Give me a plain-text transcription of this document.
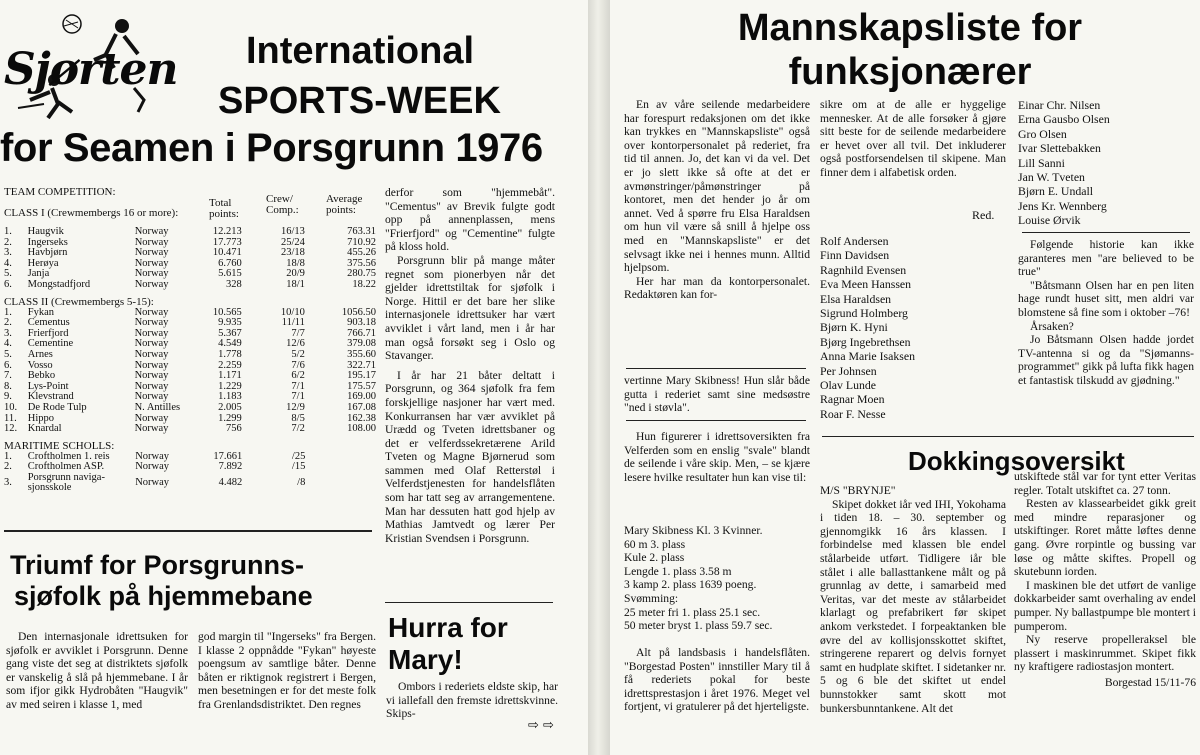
Sjørten International
SPORTS-WEEK
for Seamen i Porsgrunn 1976
TEAM COMPETITION:
Total
points:
Crew/
Comp.:
Average
points:
CLASS I (Crewmembergs 16 or more):
1.	Haugvik	Norway	12.213	16/13	763.31
2.	Ingerseks	Norway	17.773	25/24	710.92
3.	Havbjørn	Norway	10.471	23/18	455.26
4.	Herøya	Norway	6.760	18/8	375.56
5.	Janja	Norway	5.615	20/9	280.75
6.	Mongstadfjord	Norway	328	18/1	18.22
CLASS II (Crewmembergs 5-15):
1.	Fykan	Norway	10.565	10/10	1056.50
2.	Cementus	Norway	9.935	11/11	903.18
3.	Frierfjord	Norway	5.367	7/7	766.71
4.	Cementine	Norway	4.549	12/6	379.08
5.	Arnes	Norway	1.778	5/2	355.60
6.	Vosso	Norway	2.259	7/6	322.71
7.	Bebko	Norway	1.171	6/2	195.17
8.	Lys-Point	Norway	1.229	7/1	175.57
9.	Klevstrand	Norway	1.183	7/1	169.00
10.	De Rode Tulp	N. Antilles	2.005	12/9	167.08
11.	Hippo	Norway	1.299	8/5	162.38
12.	Knardal	Norway	756	7/2	108.00
MARITIME SCHOLLS:
1.	Croftholmen 1. reis	Norway	17.661	/25	
2.	Croftholmen ASP.	Norway	7.892	/15	
3.	Porsgrunn naviga-
sjonsskole	Norway	4.482	/8	

derfor som "hjemmebåt". "Cementus" av Brevik fulgte godt opp på annenplassen, mens "Frierfjord" og "Cementine" fulgte på kloss hold.

Porsgrunn blir på mange måter regnet som pionerbyen når det gjelder idrettstiltak for sjøfolk i Norge. Hittil er det bare her slike internasjonele idrettsuker har vært avviklet i vårt land, men i år har man også forsøkt seg i Oslo og Stavanger.

I år har 21 båter deltatt i Porsgrunn, og 364 sjøfolk fra fem forskjellige nasjoner har vært med. Konkurransen har vær avviklet på Urædd og Tveten idrettsbaner og det er velferdssekretærene Arild Tveten og Magne Bjørnerud som sammen med Olaf Retterstøl i Velferdstjenesten for handelsflåten som har tatt seg av arrangementene. Man har dessuten hatt god hjelp av Mathias Jamtvedt og lærer Per Kristian Svendsen i Porsgrunn.

Triumf for Porsgrunns-
sjøfolk på hjemmebane
Den internasjonale idrettsuken for sjøfolk er avviklet i Porsgrunn. Denne gang viste det seg at distriktets sjøfolk er vanskelig å slå på hjemmebane. I år som ifjor gikk Hydrobåten "Haugvik" av med seiren i klasse 1, med
god margin til "Ingerseks" fra Bergen. I klasse 2 oppnådde "Fykan" høyeste poengsum av samtlige båter. Denne båten er riktignok registrert i Bergen, men besetningen er for det meste folk fra Grenlandsdistriktet. Den regnes
Hurra for
Mary!
Ombors i rederiets eldste skip, har vi iallefall den fremste idrettskvinne. Skips-
⇨ ⇨
Mannskapsliste for
funksjonærer

En av våre seilende medarbeidere har forespurt redaksjonen om det ikke kan trykkes en "Mannskapsliste" også over kontorpersonalet på rederiet, fra tid til annen. Jo, det kan vi da vel. Det er jo slett ikke så ofte at det er avmønstringer/påmønstringer på kontoret, men det hender jo år om annet. Ved å spørre fru Elsa Haraldsen om hun vil være så snill å hjelpe oss med en "Mannskapsliste" er det selvsagt ikke nei i hennes munn. Alltid hjelpsom.

Her har man da kontorpersonalet. Redaktøren kan for-

vertinne Mary Skibness! Hun slår både gutta i rederiet samt sine medsøstre "ned i støvla".
Hun figurerer i idrettsoversikten fra Velferden som en enslig "svale" blandt de seilende i våre skip. Men, – se kjære lesere hvilke resultater hun kan vise til:
Mary Skibness Kl. 3 Kvinner.
60 m 3. plass
Kule 2. plass
Lengde 1. plass 3.58 m
3 kamp 2. plass 1639 poeng.
Svømming:
25 meter fri 1. plass 25.1 sec.
50 meter bryst 1. plass 59.7 sec.
Alt på landsbasis i handelsflåten. "Borgestad Posten" innstiller Mary til å få rederiets pokal for beste idrettsprestasjon i året 1976. Meget vel fortjent, vi gratulerer på det hjerteligste.
sikre om at de alle er hyggelige mennesker. At de alle forsøker å gjøre sitt beste for de seilende medarbeidere er hevet over all tvil. Det inkluderer også postforsendelsen til skipene. Man finner dem i alfabetisk orden.
Red.
Rolf Andersen
Finn Davidsen
Ragnhild Evensen
Eva Meen Hanssen
Elsa Haraldsen
Sigrund Holmberg
Bjørn K. Hyni
Bjørg Ingebrethsen
Anna Marie Isaksen
Per Johnsen
Olav Lunde
Ragnar Moen
Roar F. Nesse
Einar Chr. Nilsen
Erna Gausbo Olsen
Gro Olsen
Ivar Slettebakken
Lill Sanni
Jan W. Tveten
Bjørn E. Undall
Jens Kr. Wennberg
Louise Ørvik

Følgende historie kan ikke garanteres men "are believed to be true"

"Båtsmann Olsen har en pen liten hage rundt huset sitt, men aldri var blomstene så fine som i oktober –76!

Årsaken?

Jo Båtsmann Olsen hadde jordet TV-antenna si og da "Sjømanns-programmet" gikk på lufta fikk hagen et fantastisk tilskudd av gjødning."

Dokkingsoversikt

M/S "BRYNJE"

Skipet dokket iår ved IHI, Yokohama i tiden 18. – 30. september og gjennomgikk 16 års klassen. I forbindelse med klassen ble endel stålarbeide utført. Tidligere iår ble stålet i alle ballasttankene målt og på grunnlag av dette, i samarbeid med Veritas, var det meste av stålarbeidet klarlagt og prefabrikert før skipet ankom verkstedet. I forpeaktanken ble øvre del av kollisjonsskottet skiftet, stringerene reparert og delvis fornyet samt en hudplate skiftet. I sidetanker nr. 5 og 6 ble det skiftet ut endel bunnstokker samt skott mot bunkersbunntankene. Alt det

utskiftede stål var for tynt etter Veritas regler. Totalt utskiftet ca. 27 tonn.

Resten av klassearbeidet gikk greit med mindre reparasjoner og utskiftinger. Roret måtte løftes denne gang. Øvre rorpintle og bussing var løse og måtte skiftes. Propell og skutebunn iorden.

I maskinen ble det utført de vanlige dokkarbeider samt overhaling av endel pumper. Ny ballastpumpe ble montert i pumperom.

Ny reserve propelleraksel ble plassert i maskinrummet. Skipet fikk ny kraftigere radiostasjon montert.

Borgestad 15/11-76
